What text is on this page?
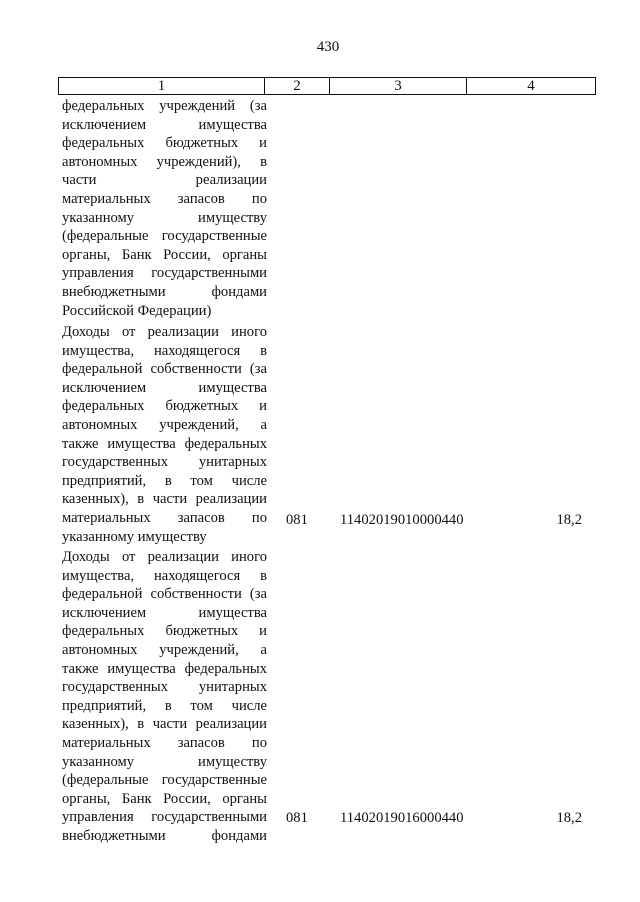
430
1	2	3	4
федеральных учреждений (за
исключением имущества
федеральных бюджетных и
автономных учреждений), в
части реализации
материальных запасов по
указанному имуществу
(федеральные государственные
органы, Банк России, органы
управления государственными
внебюджетными фондами
Российской Федерации)
Доходы от реализации иного
имущества, находящегося в
федеральной собственности (за
исключением имущества
федеральных бюджетных и
автономных учреждений, а
также имущества федеральных
государственных унитарных
предприятий, в том числе
казенных), в части реализации
материальных запасов по
указанному имуществу
081 11402019010000440	18,2
Доходы от реализации иного
имущества, находящегося в
федеральной собственности (за
исключением имущества
федеральных бюджетных и
автономных учреждений, а
также имущества федеральных
государственных унитарных
предприятий, в том числе
казенных), в части реализации
материальных запасов по
указанному имуществу
(федеральные государственные
органы, Банк России, органы
управления государственными
внебюджетными фондами
081 11402019016000440	18,2
